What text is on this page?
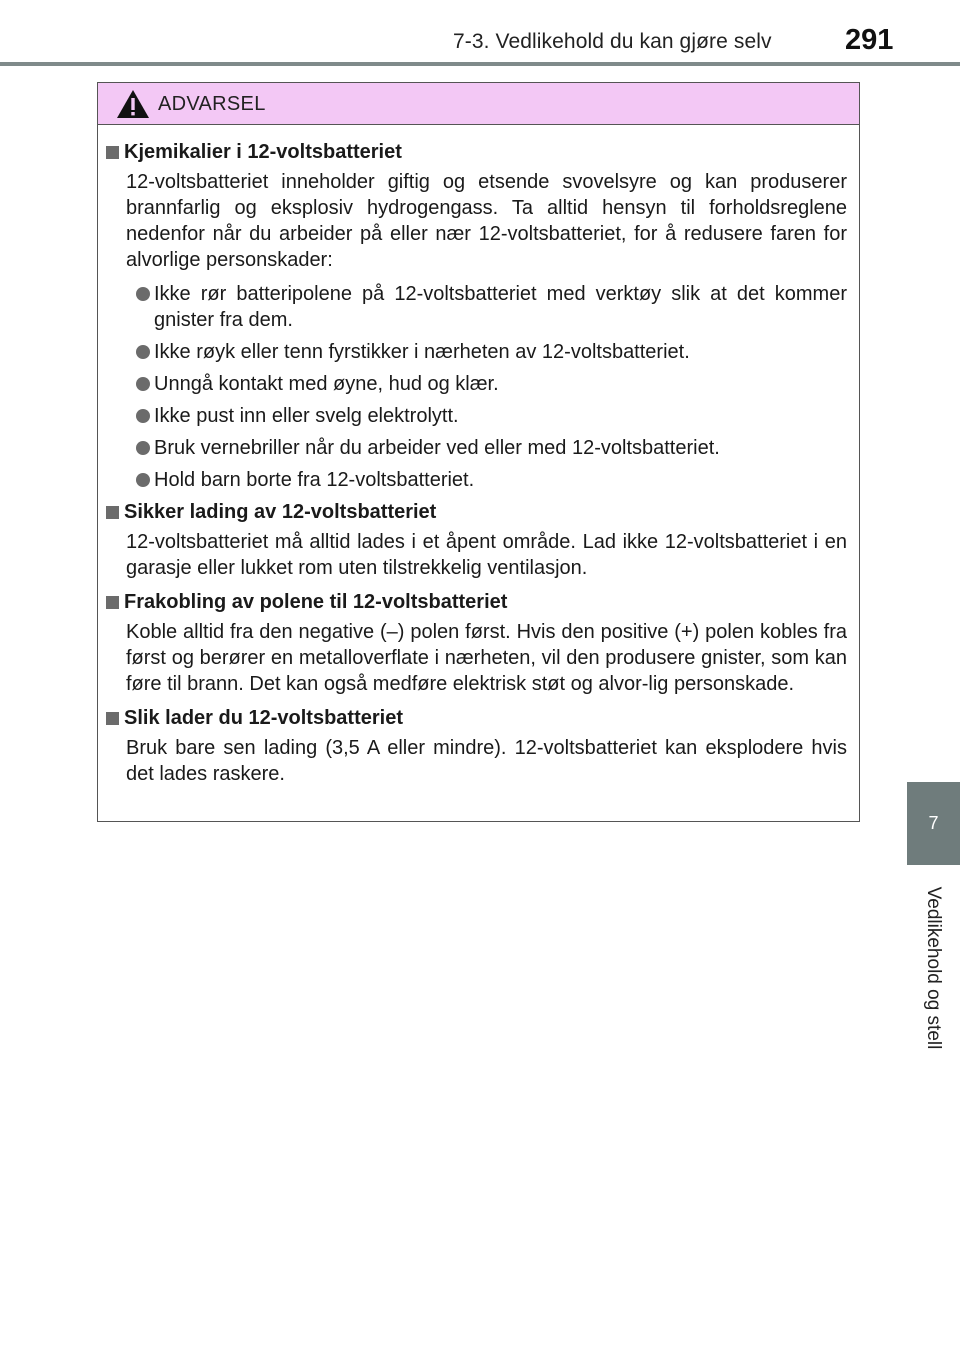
7-3. Vedlikehold du kan gjøre selv	291
7
Vedlikehold og stell
ADVARSEL
Kjemikalier i 12-voltsbatteriet
12-voltsbatteriet inneholder giftig og etsende svovelsyre og kan produserer brannfarlig og eksplosiv hydrogengass. Ta alltid hensyn til forholdsreglene nedenfor når du arbeider på eller nær 12-voltsbatteriet, for å redusere faren for alvorlige personskader:
Ikke rør batteripolene på 12-voltsbatteriet med verktøy slik at det kommer gnister fra dem.
Ikke røyk eller tenn fyrstikker i nærheten av 12-voltsbatteriet.
Unngå kontakt med øyne, hud og klær.
Ikke pust inn eller svelg elektrolytt.
Bruk vernebriller når du arbeider ved eller med 12-voltsbatteriet.
Hold barn borte fra 12-voltsbatteriet.
Sikker lading av 12-voltsbatteriet
12-voltsbatteriet må alltid lades i et åpent område. Lad ikke 12-voltsbatteriet i en garasje eller lukket rom uten tilstrekkelig ventilasjon.
Frakobling av polene til 12-voltsbatteriet
Koble alltid fra den negative (–) polen først. Hvis den positive (+) polen kobles fra først og berører en metalloverflate i nærheten, vil den produsere gnister, som kan føre til brann. Det kan også medføre elektrisk støt og alvor-lig personskade.
Slik lader du 12-voltsbatteriet
Bruk bare sen lading (3,5 A eller mindre). 12-voltsbatteriet kan eksplodere hvis det lades raskere.
